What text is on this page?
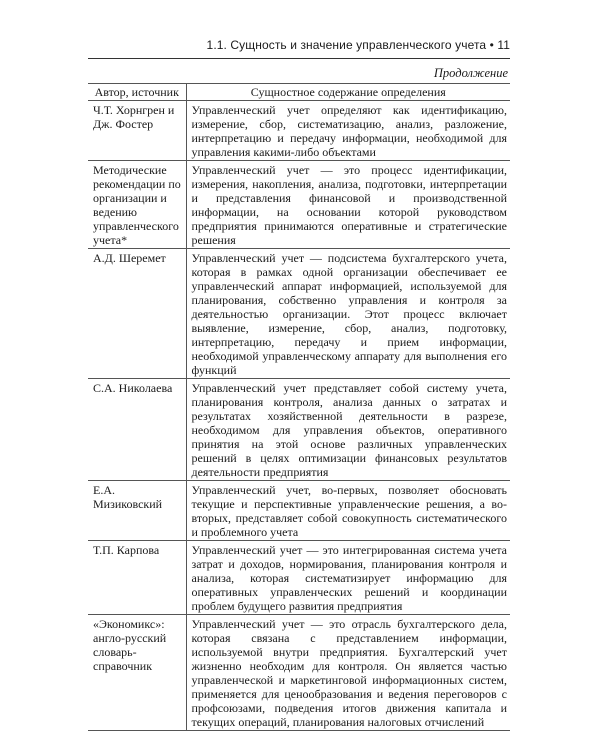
1.1. Сущность и значение управленческого учета • 11
Продолжение
Автор, источник	Сущностное содержание определения
Ч.Т. Хорнгрен и Дж. Фостер	Управленческий учет определяют как идентификацию, измерение, сбор, систематизацию, анализ, разложение, интерпретацию и передачу информации, необходимой для управления какими-либо объектами
Методические рекомендации по организации и ведению управленческого учета*	Управленческий учет — это процесс идентификации, измерения, накопления, анализа, подготовки, интерпретации и представления финансовой и производственной информации, на основании которой руководством предприятия принимаются оперативные и стратегические решения
А.Д. Шеремет	Управленческий учет — подсистема бухгалтерского учета, которая в рамках одной организации обеспечивает ее управленческий аппарат информацией, используемой для планирования, собственно управления и контроля за деятельностью организации. Этот процесс включает выявление, измерение, сбор, анализ, подготовку, интерпретацию, передачу и прием информации, необходимой управленческому аппарату для выполнения его функций
С.А. Николаева	Управленческий учет представляет собой систему учета, планирования контроля, анализа данных о затратах и результатах хозяйственной деятельности в разрезе, необходимом для управления объектов, оперативного принятия на этой основе различных управленческих решений в целях оптимизации финансовых результатов деятельности предприятия
Е.А. Мизиковский	Управленческий учет, во-первых, позволяет обосновать текущие и перспективные управленческие решения, а во-вторых, представляет собой совокупность систематического и проблемного учета
Т.П. Карпова	Управленческий учет — это интегрированная система учета затрат и доходов, нормирования, планирования контроля и анализа, которая систематизирует информацию для оперативных управленческих решений и координации проблем будущего развития предприятия
«Экономикс»: англо-русский словарь-справочник	Управленческий учет — это отрасль бухгалтерского дела, которая связана с представлением информации, используемой внутри предприятия. Бухгалтерский учет жизненно необходим для контроля. Он является частью управленческой и маркетинговой информационных систем, применяется для ценообразования и ведения переговоров с профсоюзами, подведения итогов движения капитала и текущих операций, планирования налоговых отчислений
